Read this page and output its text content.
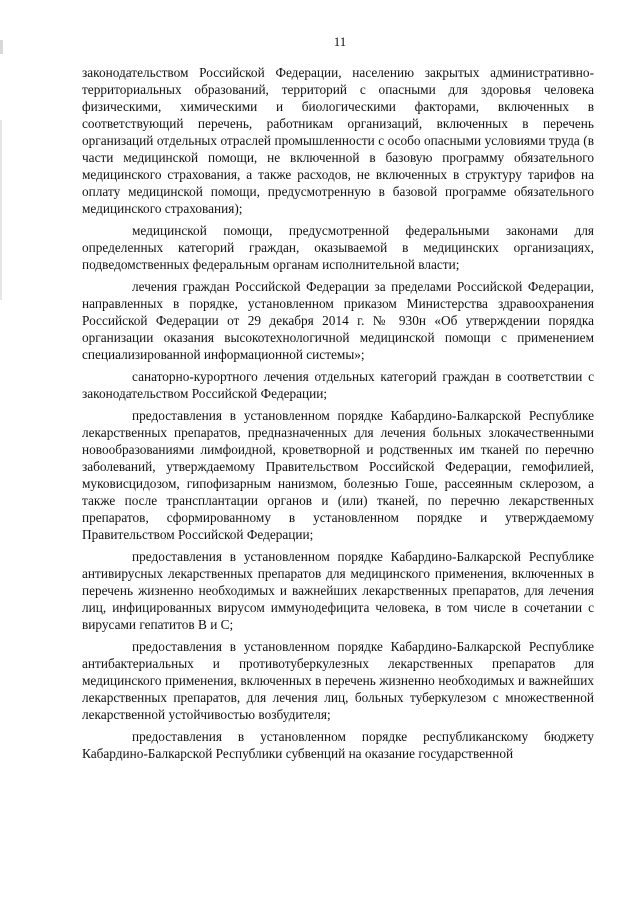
11

законодательством Российской Федерации, населению закрытых административно-территориальных образований, территорий с опасными для здоровья человека физическими, химическими и биологическими факторами, включенных в соответствующий перечень, работникам организаций, включенных в перечень организаций отдельных отраслей промышленности с особо опасными условиями труда (в части медицинской помощи, не включенной в базовую программу обязательного медицинского страхования, а также расходов, не включенных в структуру тарифов на оплату медицинской помощи, предусмотренную в базовой программе обязательного медицинского страхования);

медицинской помощи, предусмотренной федеральными законами для определенных категорий граждан, оказываемой в медицинских организациях, подведомственных федеральным органам исполнительной власти;

лечения граждан Российской Федерации за пределами Российской Федерации, направленных в порядке, установленном приказом Министерства здравоохранения Российской Федерации от 29 декабря 2014 г. № 930н «Об утверждении порядка организации оказания высокотехнологичной медицинской помощи с применением специализированной информационной системы»;

санаторно-курортного лечения отдельных категорий граждан в соответствии с законодательством Российской Федерации;

предоставления в установленном порядке Кабардино-Балкарской Республике лекарственных препаратов, предназначенных для лечения больных злокачественными новообразованиями лимфоидной, кроветворной и родственных им тканей по перечню заболеваний, утверждаемому Правительством Российской Федерации, гемофилией, муковисцидозом, гипофизарным нанизмом, болезнью Гоше, рассеянным склерозом, а также после трансплантации органов и (или) тканей, по перечню лекарственных препаратов, сформированному в установленном порядке и утверждаемому Правительством Российской Федерации;

предоставления в установленном порядке Кабардино-Балкарской Республике антивирусных лекарственных препаратов для медицинского применения, включенных в перечень жизненно необходимых и важнейших лекарственных препаратов, для лечения лиц, инфицированных вирусом иммунодефицита человека, в том числе в сочетании с вирусами гепатитов B и C;

предоставления в установленном порядке Кабардино-Балкарской Республике антибактериальных и противотуберкулезных лекарственных препаратов для медицинского применения, включенных в перечень жизненно необходимых и важнейших лекарственных препаратов, для лечения лиц, больных туберкулезом с множественной лекарственной устойчивостью возбудителя;

предоставления в установленном порядке республиканскому бюджету Кабардино-Балкарской Республики субвенций на оказание государственной
